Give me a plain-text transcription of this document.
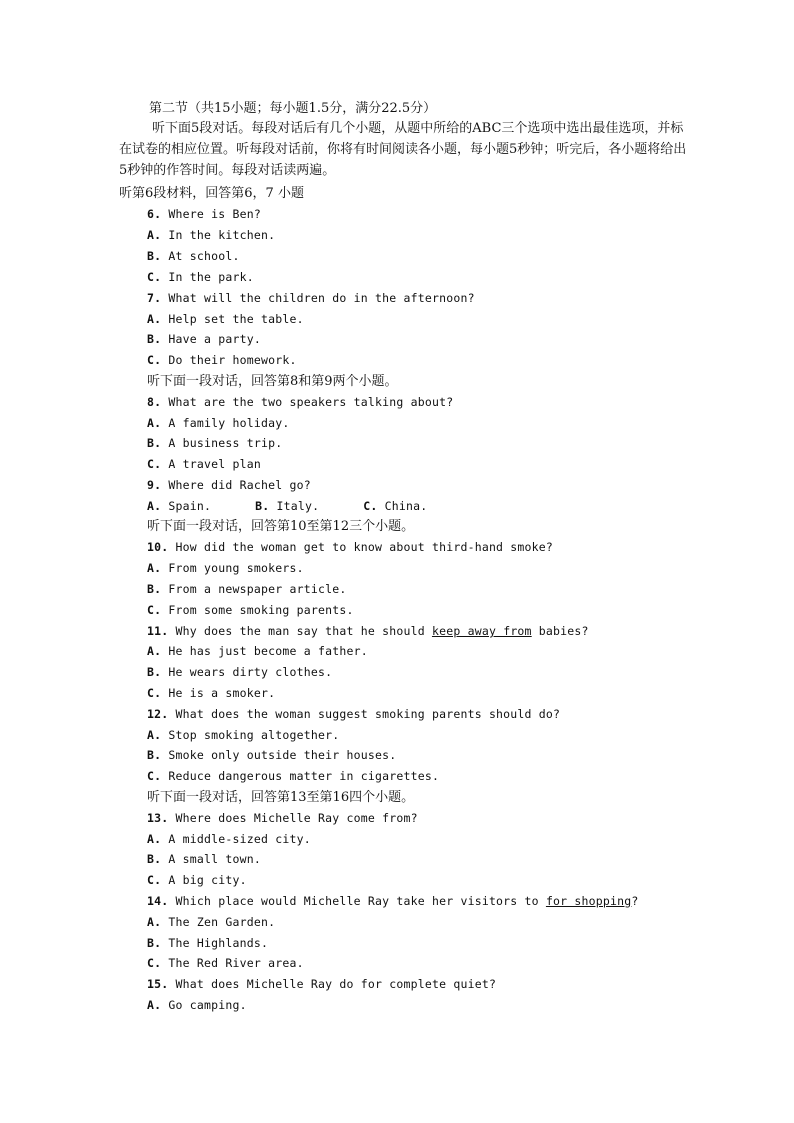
第二节（共15小题；每小题1.5分，满分22.5分）
听下面5段对话。每段对话后有几个小题，从题中所给的ABC三个选项中选出最佳选项，并标在试卷的相应位置。听每段对话前，你将有时间阅读各小题，每小题5秒钟；听完后，各小题将给出5秒钟的作答时间。每段对话读两遍。
听第6段材料，回答第6，7 小题
6. Where is Ben?
A. In the kitchen.
B. At school.
C. In the park.
7. What will the children do in the afternoon?
A. Help set the table.
B. Have a party.
C. Do their homework.
听下面一段对话，回答第8和第9两个小题。
8. What are the two speakers talking about?
A. A family holiday.
B. A business trip.
C. A travel plan
9. Where did Rachel go?
A. Spain.	B. Italy.	C. China.
听下面一段对话，回答第10至第12三个小题。
10. How did the woman get to know about third-hand smoke?
A. From young smokers.
B. From a newspaper article.
C. From some smoking parents.
11. Why does the man say that he should keep away from babies?
A. He has just become a father.
B. He wears dirty clothes.
C. He is a smoker.
12. What does the woman suggest smoking parents should do?
A. Stop smoking altogether.
B. Smoke only outside their houses.
C. Reduce dangerous matter in cigarettes.
听下面一段对话，回答第13至第16四个小题。
13. Where does Michelle Ray come from?
A. A middle-sized city.
B. A small town.
C. A big city.
14. Which place would Michelle Ray take her visitors to for shopping?
A. The Zen Garden.
B. The Highlands.
C. The Red River area.
15. What does Michelle Ray do for complete quiet?
A. Go camping.
